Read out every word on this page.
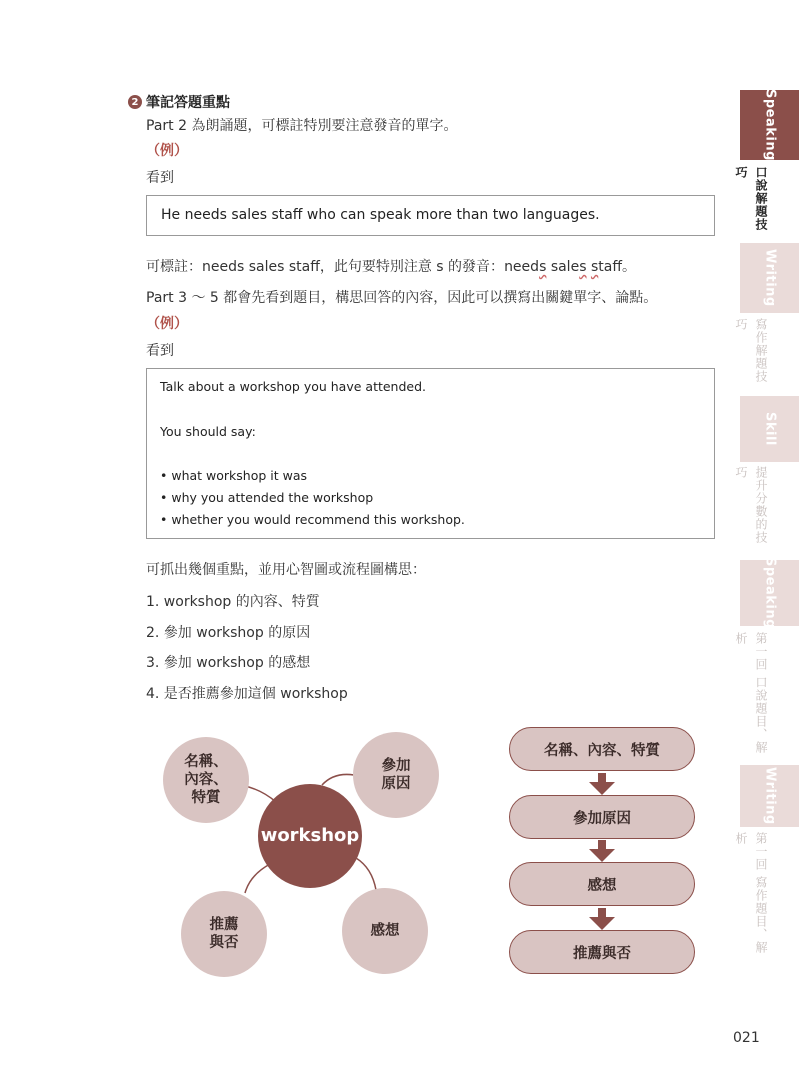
2 筆記答題重點
Part 2 為朗誦題，可標註特別要注意發音的單字。
（例）
看到
He needs sales staff who can speak more than two languages.
可標註：needs sales staff，此句要特別注意 s 的發音：needs sales staff。
Part 3 ～ 5 都會先看到題目，構思回答的內容，因此可以撰寫出關鍵單字、論點。
（例）
看到
Talk about a workshop you have attended.
You should say:
• what workshop it was
• why you attended the workshop
• whether you would recommend this workshop.
可抓出幾個重點，並用心智圖或流程圖構思：
1. workshop 的內容、特質
2. 參加 workshop 的原因
3. 參加 workshop 的感想
4. 是否推薦參加這個 workshop
名稱、
內容、
特質
參加
原因
workshop
推薦
與否
感想
名稱、內容、特質
參加原因
感想
推薦與否
Speaking
口說解題技巧
Writing
寫作解題技巧
Skill
提升分數的技巧
Speaking
第一回 口說題目、解析
Writing
第一回 寫作題目、解析
021
